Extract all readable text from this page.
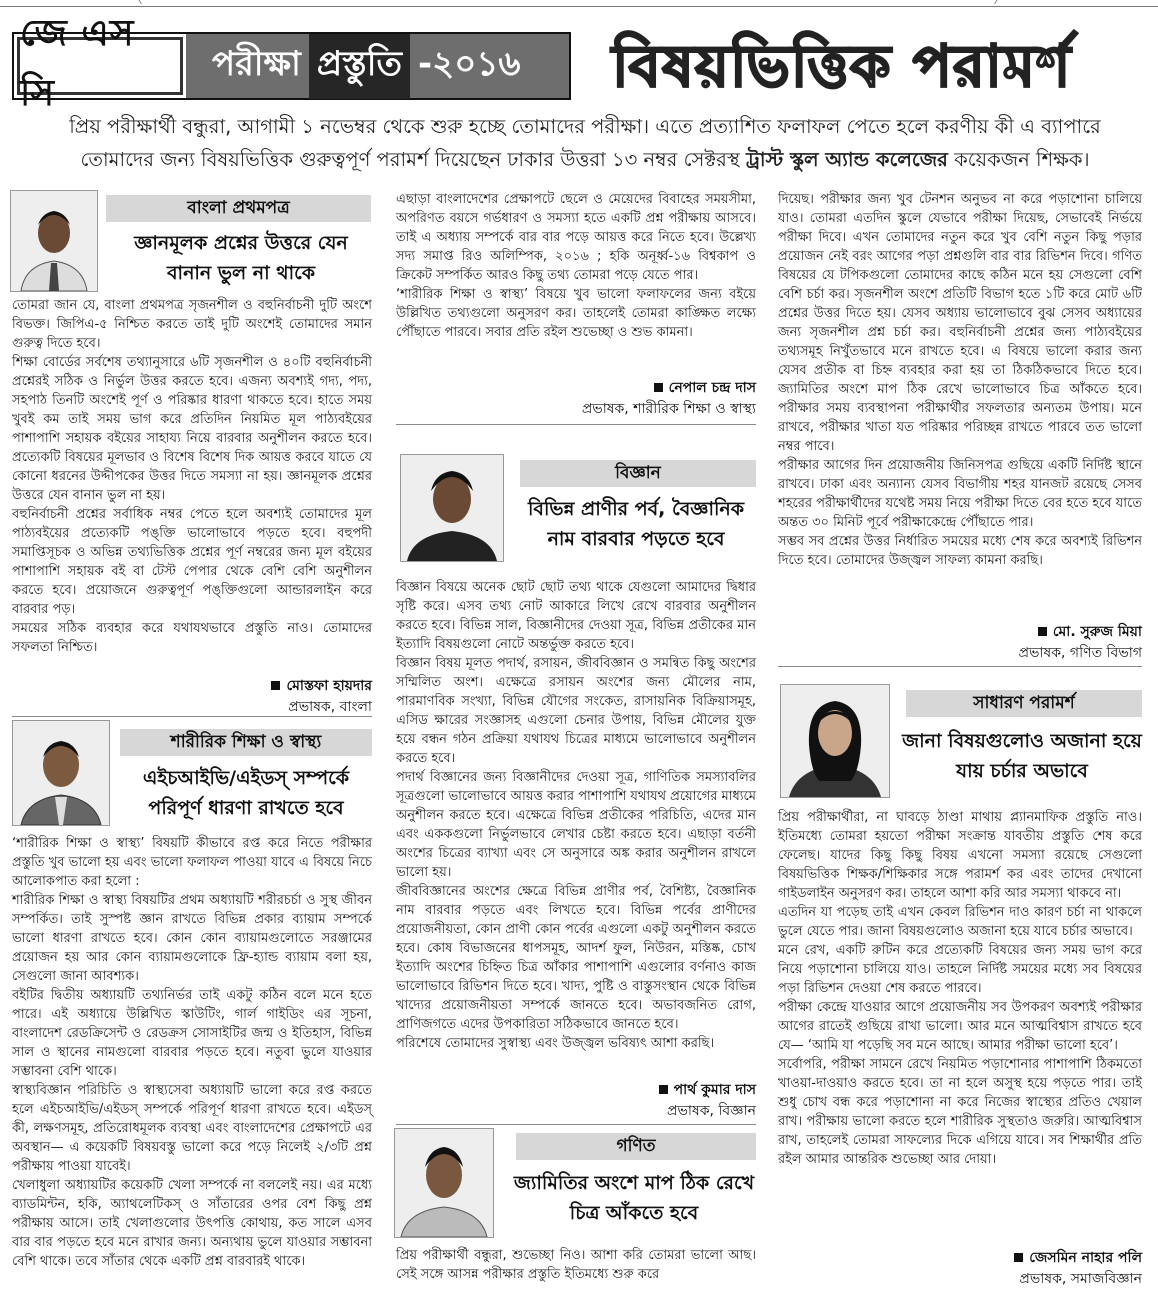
জে এস সি
পরীক্ষা প্রস্তুতি -২০১৬ বিষয়ভিত্তিক পরামর্শ
প্রিয় পরীক্ষার্থী বন্ধুরা, আগামী ১ নভেম্বর থেকে শুরু হচ্ছে তোমাদের পরীক্ষা। এতে প্রত্যাশিত ফলাফল পেতে হলে করণীয় কী এ ব্যাপারে
তোমাদের জন্য বিষয়ভিত্তিক গুরুত্বপূর্ণ পরামর্শ দিয়েছেন ঢাকার উত্তরা ১৩ নম্বর সেক্টরস্থ ট্রাস্ট স্কুল অ্যান্ড কলেজের কয়েকজন শিক্ষক।
বাংলা প্রথমপত্র
জ্ঞানমূলক প্রশ্নের উত্তরে যেন বানান ভুল না থাকে

তোমরা জান যে, বাংলা প্রথমপত্র সৃজনশীল ও বহুনির্বাচনী দুটি অংশে বিভক্ত। জিপিএ-৫ নিশ্চিত করতে তাই দুটি অংশেই তোমাদের সমান গুরুত্ব দিতে হবে।

শিক্ষা বোর্ডের সর্বশেষ তথ্যানুসারে ৬টি সৃজনশীল ও ৪০টি বহুনির্বাচনী প্রশ্নেরই সঠিক ও নির্ভুল উত্তর করতে হবে। এজন্য অবশ্যই গদ্য, পদ্য, সহপাঠ তিনটি অংশেই পূর্ণ ও পরিষ্কার ধারণা থাকতে হবে। হাতে সময় খুবই কম তাই সময় ভাগ করে প্রতিদিন নিয়মিত মূল পাঠ্যবইয়ের পাশাপাশি সহায়ক বইয়ের সাহায্য নিয়ে বারবার অনুশীলন করতে হবে। প্রত্যেকটি বিষয়ের মূলভাব ও বিশেষ বিশেষ দিক আয়ত্ত করবে যাতে যে কোনো ধরনের উদ্দীপকের উত্তর দিতে সমস্যা না হয়। জ্ঞানমূলক প্রশ্নের উত্তরে যেন বানান ভুল না হয়।

বহুনির্বাচনী প্রশ্নের সর্বাধিক নম্বর পেতে হলে অবশ্যই তোমাদের মূল পাঠ্যবইয়ের প্রত্যেকটি পঙ্‌ক্তি ভালোভাবে পড়তে হবে। বহুপদী সমাপ্তিসূচক ও অভিন্ন তথ্যভিত্তিক প্রশ্নের পূর্ণ নম্বরের জন্য মূল বইয়ের পাশাপাশি সহায়ক বই বা টেস্ট পেপার থেকে বেশি বেশি অনুশীলন করতে হবে। প্রয়োজনে গুরুত্বপূর্ণ পঙ্‌ক্তিগুলো আন্ডারলাইন করে বারবার পড়।

সময়ের সঠিক ব্যবহার করে যথাযথভাবে প্রস্তুতি নাও। তোমাদের সফলতা নিশ্চিত।

মোস্তফা হায়দার
প্রভাষক, বাংলা
শারীরিক শিক্ষা ও স্বাস্থ্য
এইচআইভি/এইডস্ সম্পর্কে পরিপূর্ণ ধারণা রাখতে হবে

‘শারীরিক শিক্ষা ও স্বাস্থ্য’ বিষয়টি কীভাবে রপ্ত করে নিতে পরীক্ষার প্রস্তুতি খুব ভালো হয় এবং ভালো ফলাফল পাওয়া যাবে এ বিষয়ে নিচে আলোকপাত করা হলো :

শারীরিক শিক্ষা ও স্বাস্থ্য বিষয়টির প্রথম অধ্যায়টি শরীরচর্চা ও সুস্থ জীবন সম্পর্কিত। তাই সুস্পষ্ট জ্ঞান রাখতে বিভিন্ন প্রকার ব্যায়াম সম্পর্কে ভালো ধারণা রাখতে হবে। কোন কোন ব্যায়ামগুলোতে সরঞ্জামের প্রয়োজন হয় আর কোন ব্যায়ামগুলোকে ফ্রি-হ্যান্ড ব্যায়াম বলা হয়, সেগুলো জানা আবশ্যক।

বইটির দ্বিতীয় অধ্যায়টি তথ্যনির্ভর তাই একটু কঠিন বলে মনে হতে পারে। এই অধ্যায়ে উল্লিখিত স্কাউটিং, গার্ল গাইডিং এর সূচনা, বাংলাদেশ রেডক্রিসেন্ট ও রেডক্রস সোসাইটির জন্ম ও ইতিহাস, বিভিন্ন সাল ও স্থানের নামগুলো বারবার পড়তে হবে। নতুবা ভুলে যাওয়ার সম্ভাবনা বেশি থাকে।

স্বাস্থ্যবিজ্ঞান পরিচিতি ও স্বাস্থ্যসেবা অধ্যায়টি ভালো করে রপ্ত করতে হলে এইচআইভি/এইডস্ সম্পর্কে পরিপূর্ণ ধারণা রাখতে হবে। এইডস্ কী, লক্ষণসমূহ, প্রতিরোধমূলক ব্যবস্থা এবং বাংলাদেশের প্রেক্ষাপটে এর অবস্থান— এ কয়েকটি বিষয়বস্তু ভালো করে পড়ে নিলেই ২/৩টি প্রশ্ন পরীক্ষায় পাওয়া যাবেই।

খেলাধুলা অধ্যায়টির কয়েকটি খেলা সম্পর্কে না বললেই নয়। এর মধ্যে ব্যাডমিন্টন, হকি, অ্যাথলেটিকস্ ও সাঁতারের ওপর বেশ কিছু প্রশ্ন পরীক্ষায় আসে। তাই খেলাগুলোর উৎপত্তি কোথায়, কত সালে এসব বার বার পড়তে হবে মনে রাখার জন্য। অন্যথায় ভুলে যাওয়ার সম্ভাবনা বেশি থাকে। তবে সাঁতার থেকে একটি প্রশ্ন বারবারই থাকে।

এছাড়া বাংলাদেশের প্রেক্ষাপটে ছেলে ও মেয়েদের বিবাহের সময়সীমা, অপরিণত বয়সে গর্ভধারণ ও সমস্যা হতে একটি প্রশ্ন পরীক্ষায় আসবে। তাই এ অধ্যায় সম্পর্কে বার বার পড়ে আয়ত্ত করে নিতে হবে। উল্লেখ্য সদ্য সমাপ্ত রিও অলিম্পিক, ২০১৬ ; হকি অনূর্ধ্ব-১৬ বিশ্বকাপ ও ক্রিকেট সম্পর্কিত আরও কিছু তথ্য তোমরা পড়ে যেতে পার।

‘শারীরিক শিক্ষা ও স্বাস্থ্য’ বিষয়ে খুব ভালো ফলাফলের জন্য বইয়ে উল্লিখিত তথ্যগুলো অনুসরণ কর। তাহলেই তোমরা কাঙ্ক্ষিত লক্ষ্যে পৌঁছাতে পারবে। সবার প্রতি রইল শুভেচ্ছা ও শুভ কামনা।

নেপাল চন্দ্র দাস
প্রভাষক, শারীরিক শিক্ষা ও স্বাস্থ্য
বিজ্ঞান
বিভিন্ন প্রাণীর পর্ব, বৈজ্ঞানিক নাম বারবার পড়তে হবে

বিজ্ঞান বিষয়ে অনেক ছোট ছোট তথ্য থাকে যেগুলো আমাদের দ্বিধার সৃষ্টি করে। এসব তথ্য নোট আকারে লিখে রেখে বারবার অনুশীলন করতে হবে। বিভিন্ন সাল, বিজ্ঞানীদের দেওয়া সূত্র, বিভিন্ন প্রতীকের মান ইত্যাদি বিষয়গুলো নোটে অন্তর্ভুক্ত করতে হবে।

বিজ্ঞান বিষয় মূলত পদার্থ, রসায়ন, জীববিজ্ঞান ও সমন্বিত কিছু অংশের সম্মিলিত অংশ। এক্ষেত্রে রসায়ন অংশের জন্য মৌলের নাম, পারমাণবিক সংখ্যা, বিভিন্ন যৌগের সংকেত, রাসায়নিক বিক্রিয়াসমূহ, এসিড ক্ষারের সংজ্ঞাসহ এগুলো চেনার উপায়, বিভিন্ন মৌলের যুক্ত হয়ে বন্ধন গঠন প্রক্রিয়া যথাযথ চিত্রের মাধ্যমে ভালোভাবে অনুশীলন করতে হবে।

পদার্থ বিজ্ঞানের জন্য বিজ্ঞানীদের দেওয়া সূত্র, গাণিতিক সমস্যাবলির সূত্রগুলো ভালোভাবে আয়ত্ত করার পাশাপাশি যথাযথ প্রয়োগের মাধ্যমে অনুশীলন করতে হবে। এক্ষেত্রে বিভিন্ন প্রতীকের পরিচিতি, এদের মান এবং এককগুলো নির্ভুলভাবে লেখার চেষ্টা করতে হবে। এছাড়া বর্তনী অংশের চিত্রের ব্যাখ্যা এবং সে অনুসারে অঙ্ক করার অনুশীলন রাখলে ভালো হয়।

জীববিজ্ঞানের অংশের ক্ষেত্রে বিভিন্ন প্রাণীর পর্ব, বৈশিষ্ট্য, বৈজ্ঞানিক নাম বারবার পড়তে এবং লিখতে হবে। বিভিন্ন পর্বের প্রাণীদের প্রয়োজনীয়তা, কোন প্রাণী কোন পর্বের এগুলো একটু অনুশীলন করতে হবে। কোষ বিভাজনের ধাপসমূহ, আদর্শ ফুল, নিউরন, মস্তিষ্ক, চোখ ইত্যাদি অংশের চিহ্নিত চিত্র আঁকার পাশাপাশি এগুলোর বর্ণনাও কাজ ভালোভাবে রিভিশন দিতে হবে। খাদ্য, পুষ্টি ও বাস্তুসংস্থান থেকে বিভিন্ন খাদ্যের প্রয়োজনীয়তা সম্পর্কে জানতে হবে। অভাবজনিত রোগ, প্রাণিজগতে এদের উপকারিতা সঠিকভাবে জানতে হবে।

পরিশেষে তোমাদের সুস্বাস্থ্য এবং উজ্জ্বল ভবিষ্যৎ আশা করছি।

পার্থ কুমার দাস
প্রভাষক, বিজ্ঞান
গণিত
জ্যামিতির অংশে মাপ ঠিক রেখে চিত্র আঁকতে হবে

প্রিয় পরীক্ষার্থী বন্ধুরা, শুভেচ্ছা নিও। আশা করি তোমরা ভালো আছ। সেই সঙ্গে আসন্ন পরীক্ষার প্রস্তুতি ইতিমধ্যে শুরু করে

দিয়েছ। পরীক্ষার জন্য খুব টেনশন অনুভব না করে পড়াশোনা চালিয়ে যাও। তোমরা এতদিন স্কুলে যেভাবে পরীক্ষা দিয়েছ, সেভাবেই নির্ভয়ে পরীক্ষা দিবে। এখন তোমাদের নতুন করে খুব বেশি নতুন কিছু পড়ার প্রয়োজন নেই বরং আগের পড়া প্রশ্নগুলি বার বার রিভিশন দিবে। গণিত বিষয়ের যে টপিকগুলো তোমাদের কাছে কঠিন মনে হয় সেগুলো বেশি বেশি চর্চা কর। সৃজনশীল অংশে প্রতিটি বিভাগ হতে ১টি করে মোট ৬টি প্রশ্নের উত্তর দিতে হয়। যেসব অধ্যায় ভালোভাবে বুঝ সেসব অধ্যায়ের জন্য সৃজনশীল প্রশ্ন চর্চা কর। বহুনির্বাচনী প্রশ্নের জন্য পাঠ্যবইয়ের তথ্যসমূহ নিখুঁতভাবে মনে রাখতে হবে। এ বিষয়ে ভালো করার জন্য যেসব প্রতীক বা চিহ্ন ব্যবহার করা হয় তা ঠিকঠিকভাবে দিতে হবে। জ্যামিতির অংশে মাপ ঠিক রেখে ভালোভাবে চিত্র আঁকতে হবে। পরীক্ষার সময় ব্যবস্থাপনা পরীক্ষার্থীর সফলতার অন্যতম উপায়। মনে রাখবে, পরীক্ষার খাতা যত পরিষ্কার পরিচ্ছন্ন রাখতে পারবে তত ভালো নম্বর পাবে।

পরীক্ষার আগের দিন প্রয়োজনীয় জিনিসপত্র গুছিয়ে একটি নির্দিষ্ট স্থানে রাখবে। ঢাকা এবং অন্যান্য যেসব বিভাগীয় শহর যানজট রয়েছে সেসব শহরের পরীক্ষার্থীদের যথেষ্ট সময় নিয়ে পরীক্ষা দিতে বের হতে হবে যাতে অন্তত ৩০ মিনিট পূর্বে পরীক্ষাকেন্দ্রে পৌঁছাতে পার।

সম্ভব সব প্রশ্নের উত্তর নির্ধারিত সময়ের মধ্যে শেষ করে অবশ্যই রিভিশন দিতে হবে। তোমাদের উজ্জ্বল সাফল্য কামনা করছি।

মো. সুরুজ মিয়া
প্রভাষক, গণিত বিভাগ
সাধারণ পরামর্শ
জানা বিষয়গুলোও অজানা হয়ে যায় চর্চার অভাবে

প্রিয় পরীক্ষার্থীরা, না ঘাবড়ে ঠাণ্ডা মাথায় প্ল্যানমাফিক প্রস্তুতি নাও। ইতিমধ্যে তোমরা হয়তো পরীক্ষা সংক্রান্ত যাবতীয় প্রস্তুতি শেষ করে ফেলেছ। যাদের কিছু কিছু বিষয় এখনো সমস্যা রয়েছে সেগুলো বিষয়ভিত্তিক শিক্ষক/শিক্ষিকার সঙ্গে পরামর্শ কর এবং তাদের দেখানো গাইডলাইন অনুসরণ কর। তাহলে আশা করি আর সমস্যা থাকবে না।

এতদিন যা পড়েছ তাই এখন কেবল রিভিশন দাও কারণ চর্চা না থাকলে ভুলে যেতে পার। জানা বিষয়গুলোও অজানা হয়ে যাবে চর্চার অভাবে।

মনে রেখ, একটি রুটিন করে প্রত্যেকটি বিষয়ের জন্য সময় ভাগ করে নিয়ে পড়াশোনা চালিয়ে যাও। তাহলে নির্দিষ্ট সময়ের মধ্যে সব বিষয়ের পড়া রিভিশন দেওয়া শেষ করতে পারবে।

পরীক্ষা কেন্দ্রে যাওয়ার আগে প্রয়োজনীয় সব উপকরণ অবশ্যই পরীক্ষার আগের রাতেই গুছিয়ে রাখা ভালো। আর মনে আত্মবিশ্বাস রাখতে হবে যে— ‘আমি যা পড়েছি সব মনে আছে। আমার পরীক্ষা ভালো হবে’।

সর্বোপরি, পরীক্ষা সামনে রেখে নিয়মিত পড়াশোনার পাশাপাশি ঠিকমতো খাওয়া-দাওয়াও করতে হবে। তা না হলে অসুস্থ হয়ে পড়তে পার। তাই শুধু চোখ বন্ধ করে পড়াশোনা না করে নিজের স্বাস্থ্যের প্রতিও খেয়াল রাখ। পরীক্ষায় ভালো করতে হলে শারীরিক সুস্থতাও জরুরি। আত্মবিশ্বাস রাখ, তাহলেই তোমরা সাফল্যের দিকে এগিয়ে যাবে। সব শিক্ষার্থীর প্রতি রইল আমার আন্তরিক শুভেচ্ছা আর দোয়া।

জেসমিন নাহার পলি
প্রভাষক, সমাজবিজ্ঞান
